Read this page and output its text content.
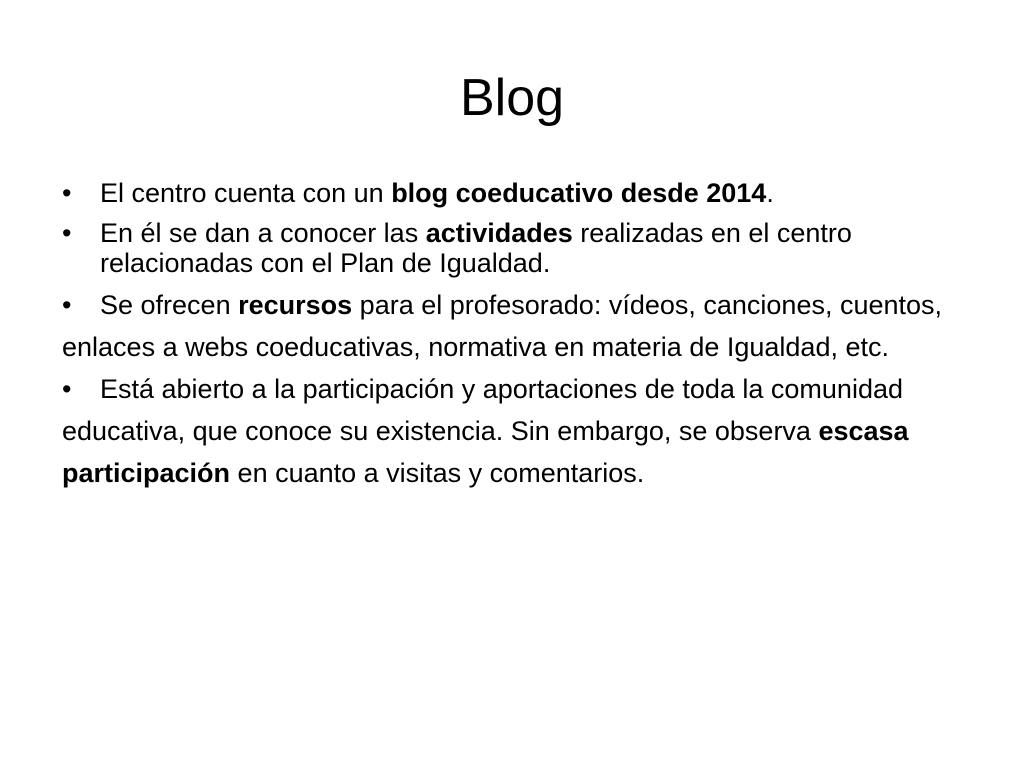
Blog

•	El centro cuenta con un blog coeducativo desde 2014.

•	En él se dan a conocer las actividades realizadas en el centro relacionadas con el Plan de Igualdad.

• Se ofrecen recursos para el profesorado: vídeos, canciones, cuentos, enlaces a webs coeducativas, normativa en materia de Igualdad, etc.

• Está abierto a la participación y aportaciones de toda la comunidad educativa, que conoce su existencia. Sin embargo, se observa escasa participación en cuanto a visitas y comentarios.
